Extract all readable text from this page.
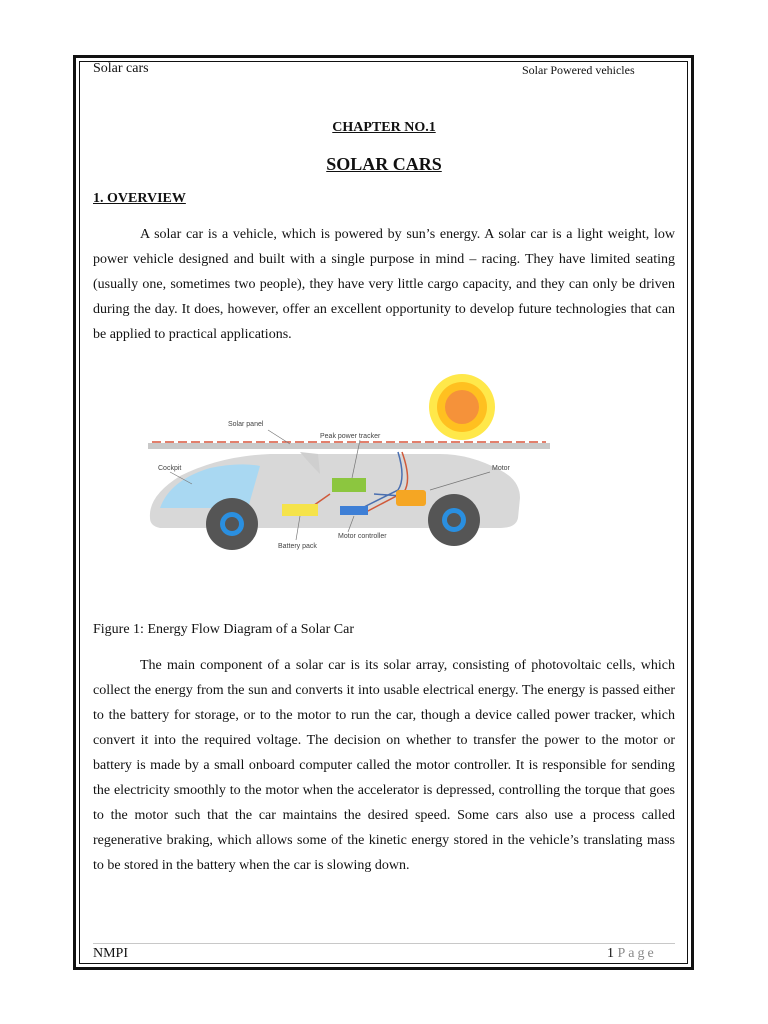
Solar cars	Solar Powered vehicles
CHAPTER NO.1
SOLAR CARS
1. OVERVIEW

A solar car is a vehicle, which is powered by sun’s energy. A solar car is a light weight, low power vehicle designed and built with a single purpose in mind – racing. They have limited seating (usually one, sometimes two people), they have very little cargo capacity, and they can only be driven during the day. It does, however, offer an excellent opportunity to develop future technologies that can be applied to practical applications.

Solar panel
Peak power tracker
Cockpit	Motor
Motor controller
Battery pack
Figure 1: Energy Flow Diagram of a Solar Car

The main component of a solar car is its solar array, consisting of photovoltaic cells, which collect the energy from the sun and converts it into usable electrical energy. The energy is passed either to the battery for storage, or to the motor to run the car, though a device called power tracker, which convert it into the required voltage. The decision on whether to transfer the power to the motor or battery is made by a small onboard computer called the motor controller. It is responsible for sending the electricity smoothly to the motor when the accelerator is depressed, controlling the torque that goes to the motor such that the car maintains the desired speed. Some cars also use a process called regenerative braking, which allows some of the kinetic energy stored in the vehicle’s translating mass to be stored in the battery when the car is slowing down.

NMPI	1 Page
